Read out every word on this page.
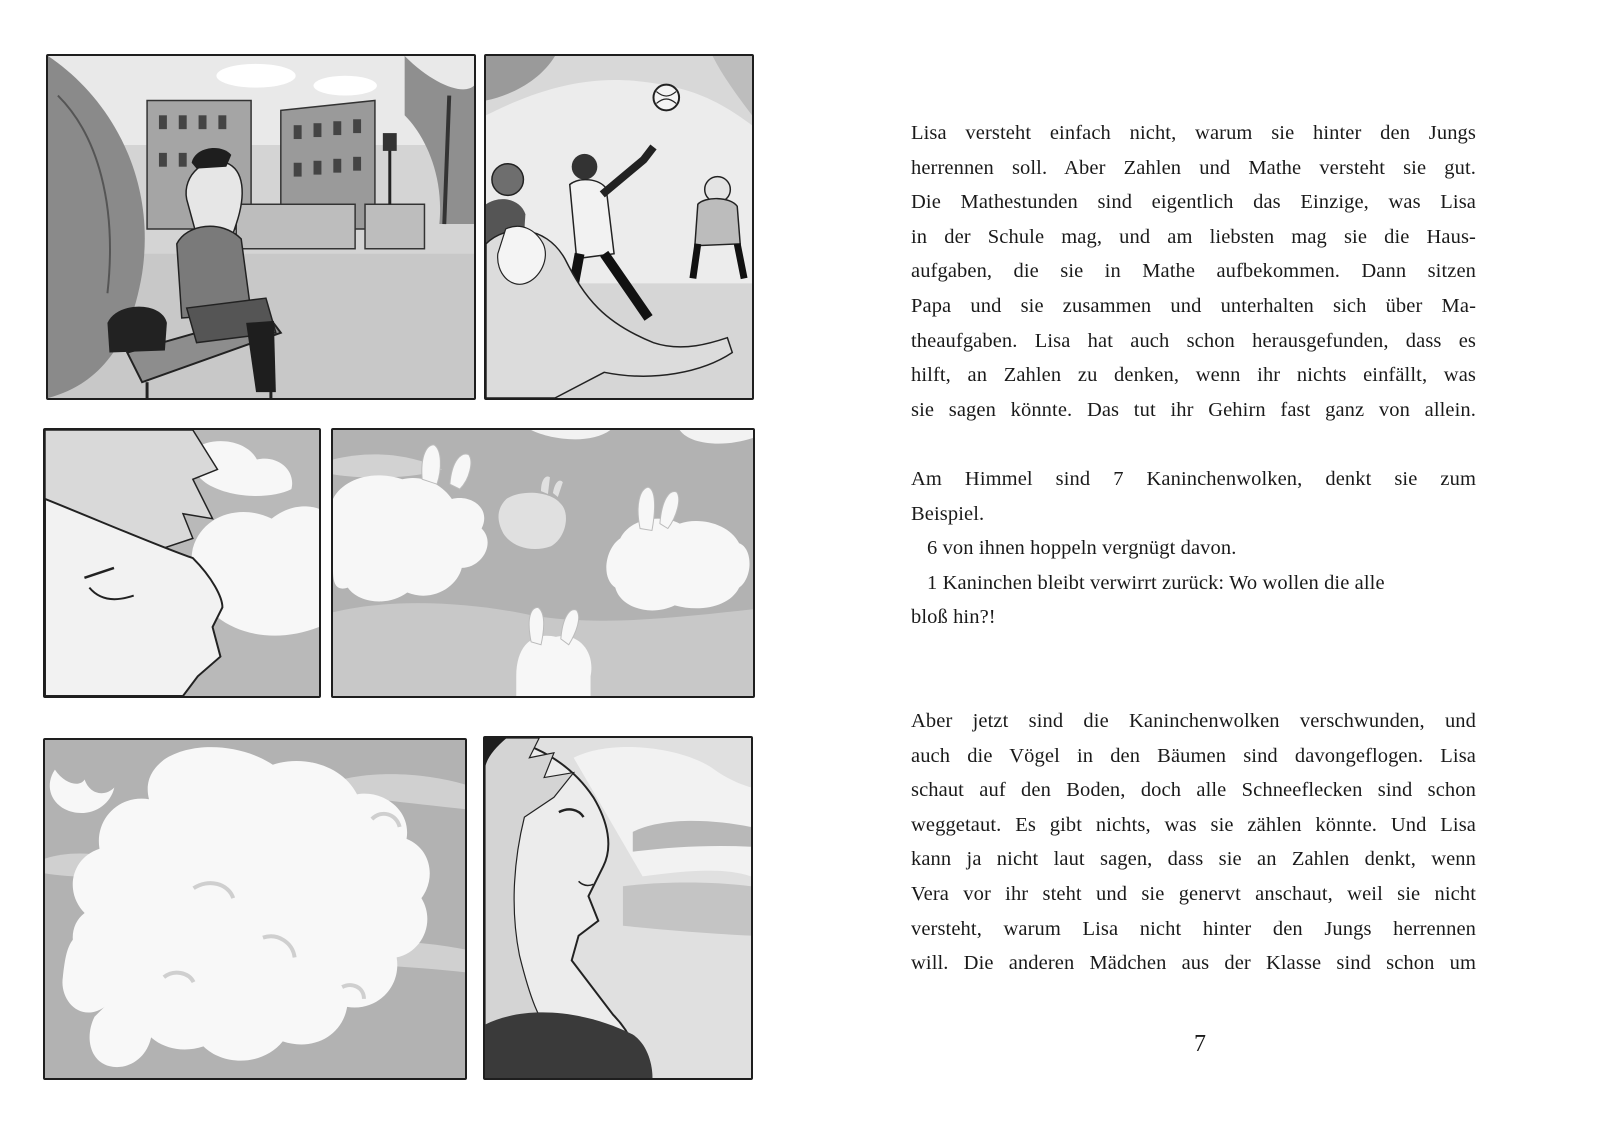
Lisa versteht einfach nicht, warum sie hinter den Jungs
herrennen soll. Aber Zahlen und Mathe versteht sie gut.
Die Mathestunden sind eigentlich das Einzige, was Lisa
in der Schule mag, und am liebsten mag sie die Haus-
aufgaben, die sie in Mathe aufbekommen. Dann sitzen
Papa und sie zusammen und unterhalten sich über Ma-
theaufgaben. Lisa hat auch schon herausgefunden, dass es
hilft, an Zahlen zu denken, wenn ihr nichts einfällt, was
sie sagen könnte. Das tut ihr Gehirn fast ganz von allein.
Am Himmel sind 7 Kaninchenwolken, denkt sie zum
Beispiel.
6 von ihnen hoppeln vergnügt davon.
1 Kaninchen bleibt verwirrt zurück: Wo wollen die alle
bloß hin?!
Aber jetzt sind die Kaninchenwolken verschwunden, und
auch die Vögel in den Bäumen sind davongeflogen. Lisa
schaut auf den Boden, doch alle Schneeflecken sind schon
weggetaut. Es gibt nichts, was sie zählen könnte. Und Lisa
kann ja nicht laut sagen, dass sie an Zahlen denkt, wenn
Vera vor ihr steht und sie genervt anschaut, weil sie nicht
versteht, warum Lisa nicht hinter den Jungs herrennen
will. Die anderen Mädchen aus der Klasse sind schon um
7
